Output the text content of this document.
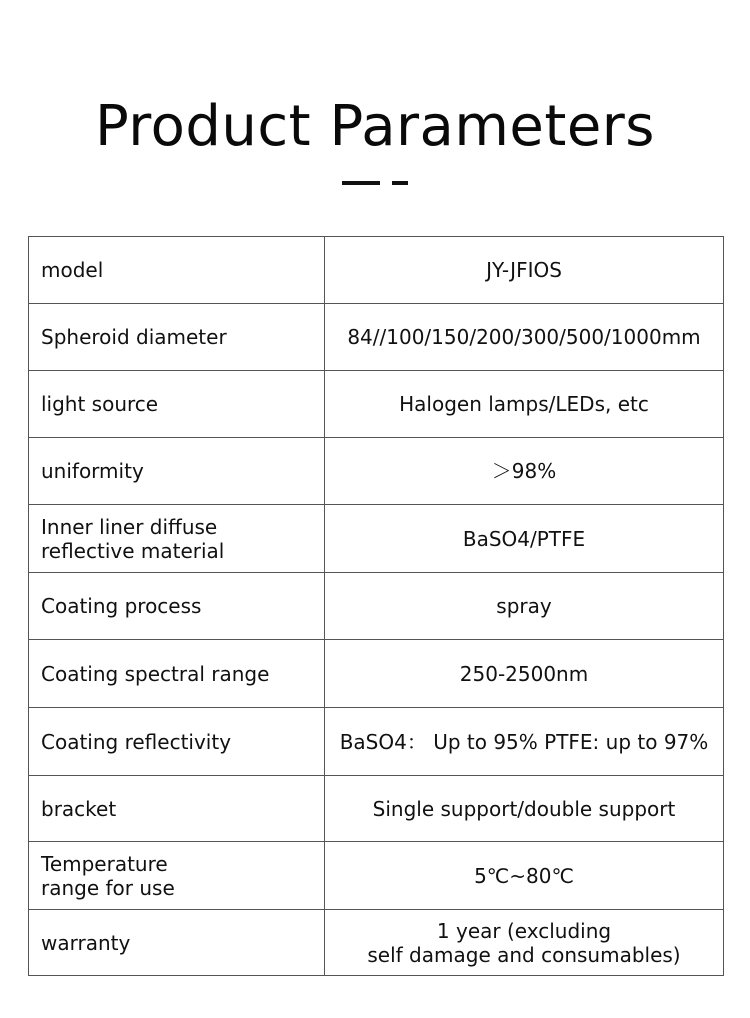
Product Parameters
model	JY-JFIOS

Spheroid diameter	84//100/150/200/300/500/1000mm

light source	Halogen lamps/LEDs, etc

uniformity	＞98%

Inner liner diffuse
reflective material	BaSO4/PTFE

Coating process	spray

Coating spectral range	250-2500nm

Coating reflectivity	BaSO4： Up to 95% PTFE: up to 97%

bracket	Single support/double support

Temperature
range for use	5℃~80℃

warranty	1 year (excluding
self damage and consumables)
